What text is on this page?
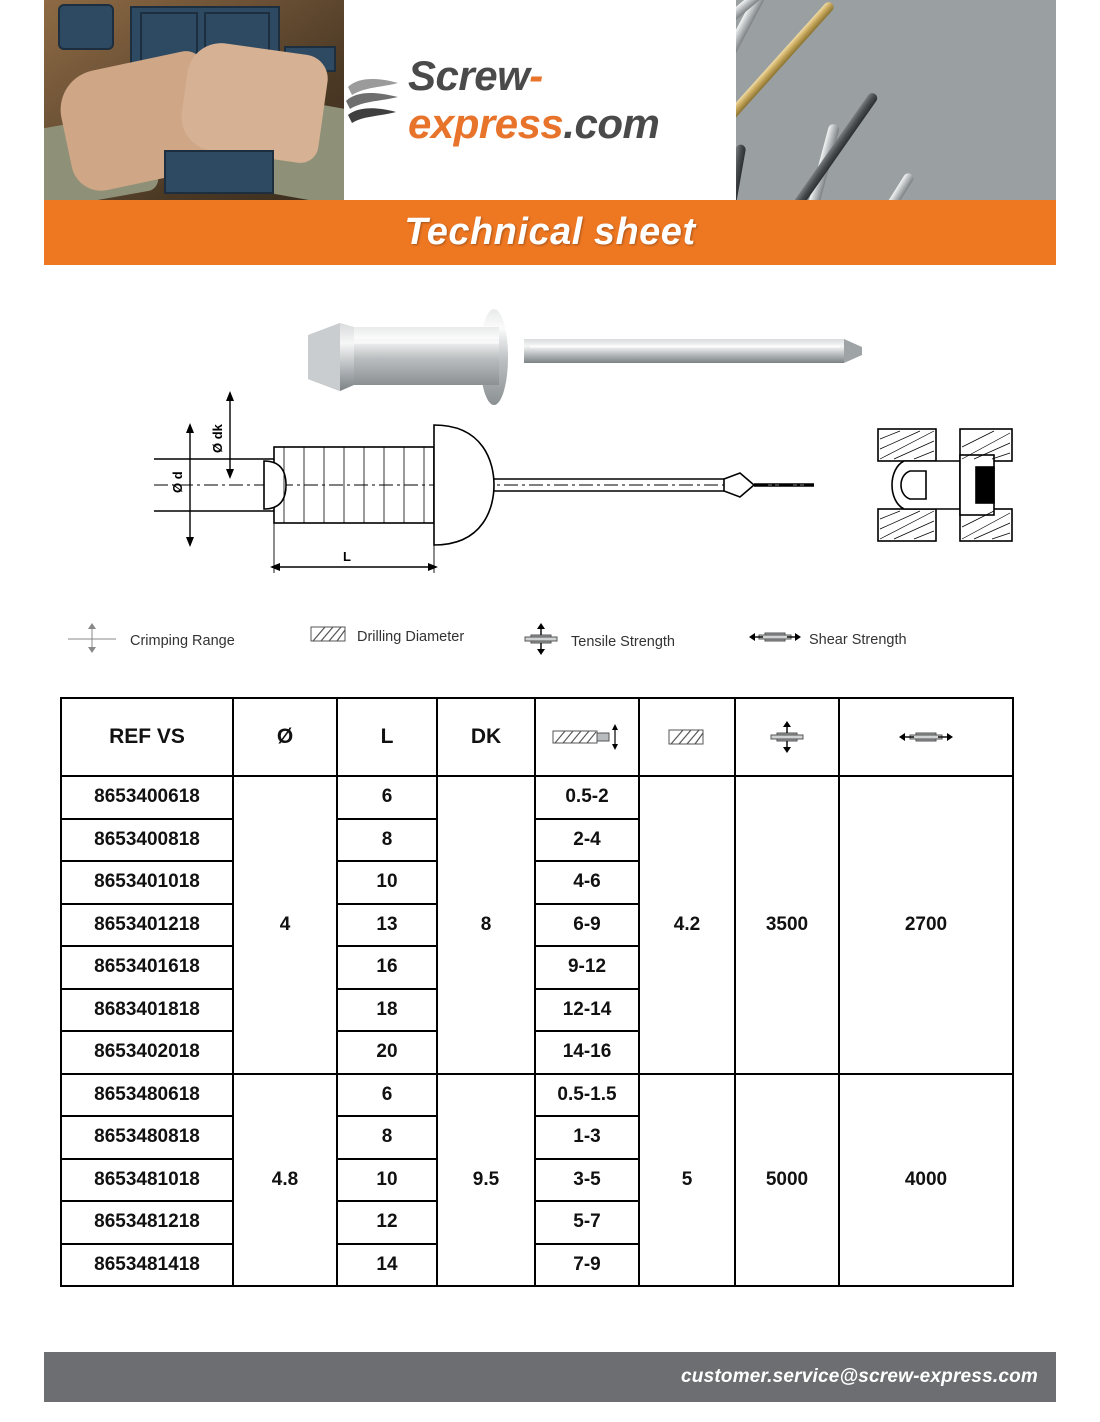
Screw-express.com
Technical sheet
Ø d
Ø dk
L
Crimping Range	Drilling Diameter	Tensile Strength	Shear Strength
REF VS	Ø	L	DK	

8653400618	4	6	8	0.5-2	4.2	3500	2700
8653400818		8		2-4			
8653401018		10		4-6			
8653401218		13		6-9			
8653401618		16		9-12			
8683401818		18		12-14			
8653402018		20		14-16			
8653480618	4.8	6	9.5	0.5-1.5	5	5000	4000
8653480818		8		1-3			
8653481018		10		3-5			
8653481218		12		5-7			
8653481418		14		7-9			
customer.service@screw-express.com
